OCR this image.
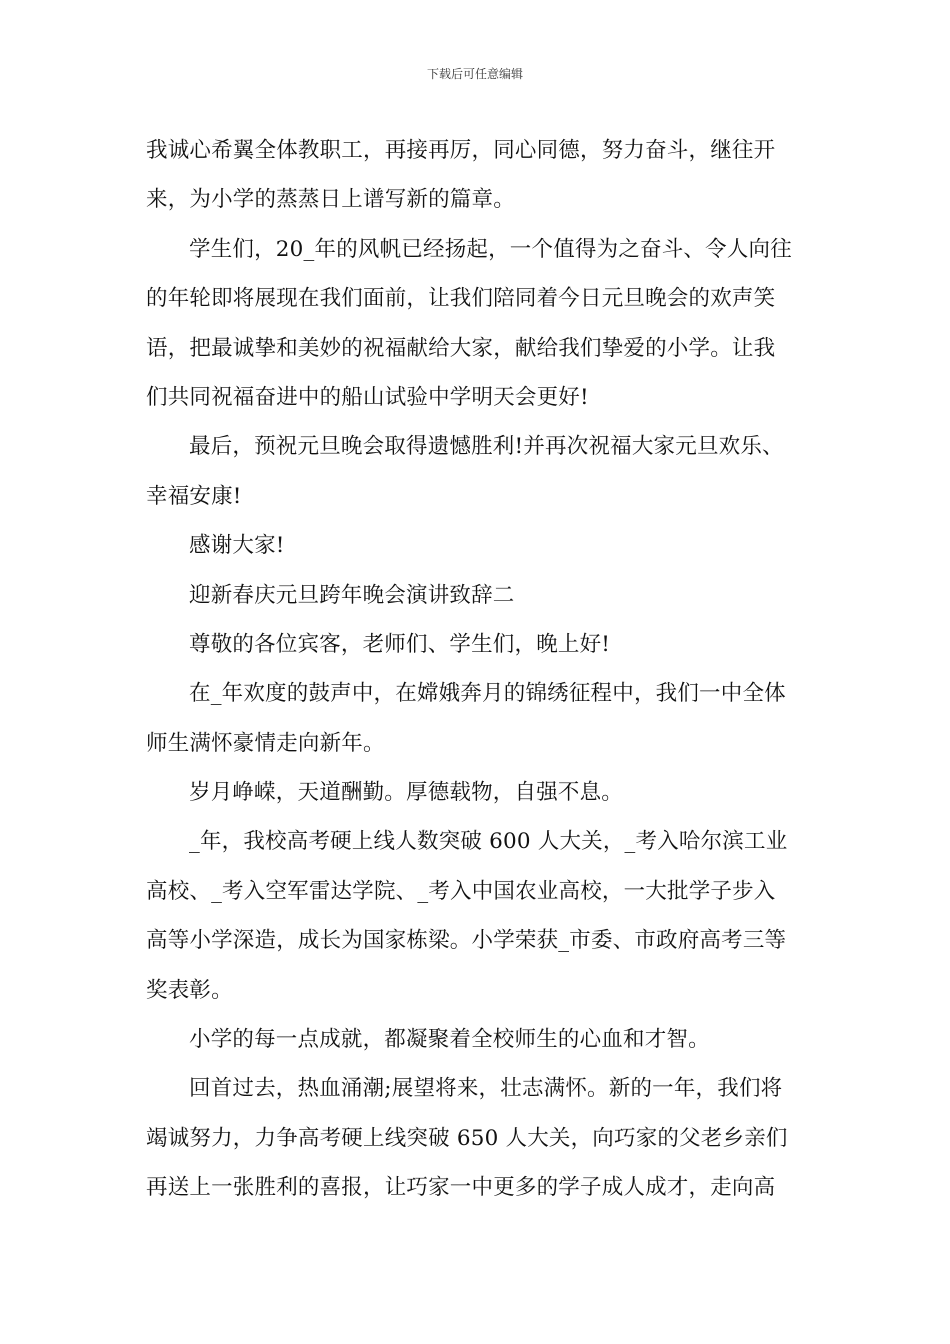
下载后可任意编辑
我诚心希翼全体教职工，再接再厉，同心同德，努力奋斗，继往开
来，为小学的蒸蒸日上谱写新的篇章。
学生们，20_年的风帆已经扬起，一个值得为之奋斗、令人向往
的年轮即将展现在我们面前，让我们陪同着今日元旦晚会的欢声笑
语，把最诚挚和美妙的祝福献给大家，献给我们挚爱的小学。让我
们共同祝福奋进中的船山试验中学明天会更好!
最后，预祝元旦晚会取得遗憾胜利!并再次祝福大家元旦欢乐、
幸福安康!
感谢大家!
迎新春庆元旦跨年晚会演讲致辞二
尊敬的各位宾客，老师们、学生们，晚上好!
在_年欢度的鼓声中，在嫦娥奔月的锦绣征程中，我们一中全体
师生满怀豪情走向新年。
岁月峥嵘，天道酬勤。厚德载物，自强不息。
_年，我校高考硬上线人数突破 600 人大关，_考入哈尔滨工业
高校、_考入空军雷达学院、_考入中国农业高校，一大批学子步入
高等小学深造，成长为国家栋梁。小学荣获_市委、市政府高考三等
奖表彰。
小学的每一点成就，都凝聚着全校师生的心血和才智。
回首过去，热血涌潮;展望将来，壮志满怀。新的一年，我们将
竭诚努力，力争高考硬上线突破 650 人大关，向巧家的父老乡亲们
再送上一张胜利的喜报，让巧家一中更多的学子成人成才，走向高
